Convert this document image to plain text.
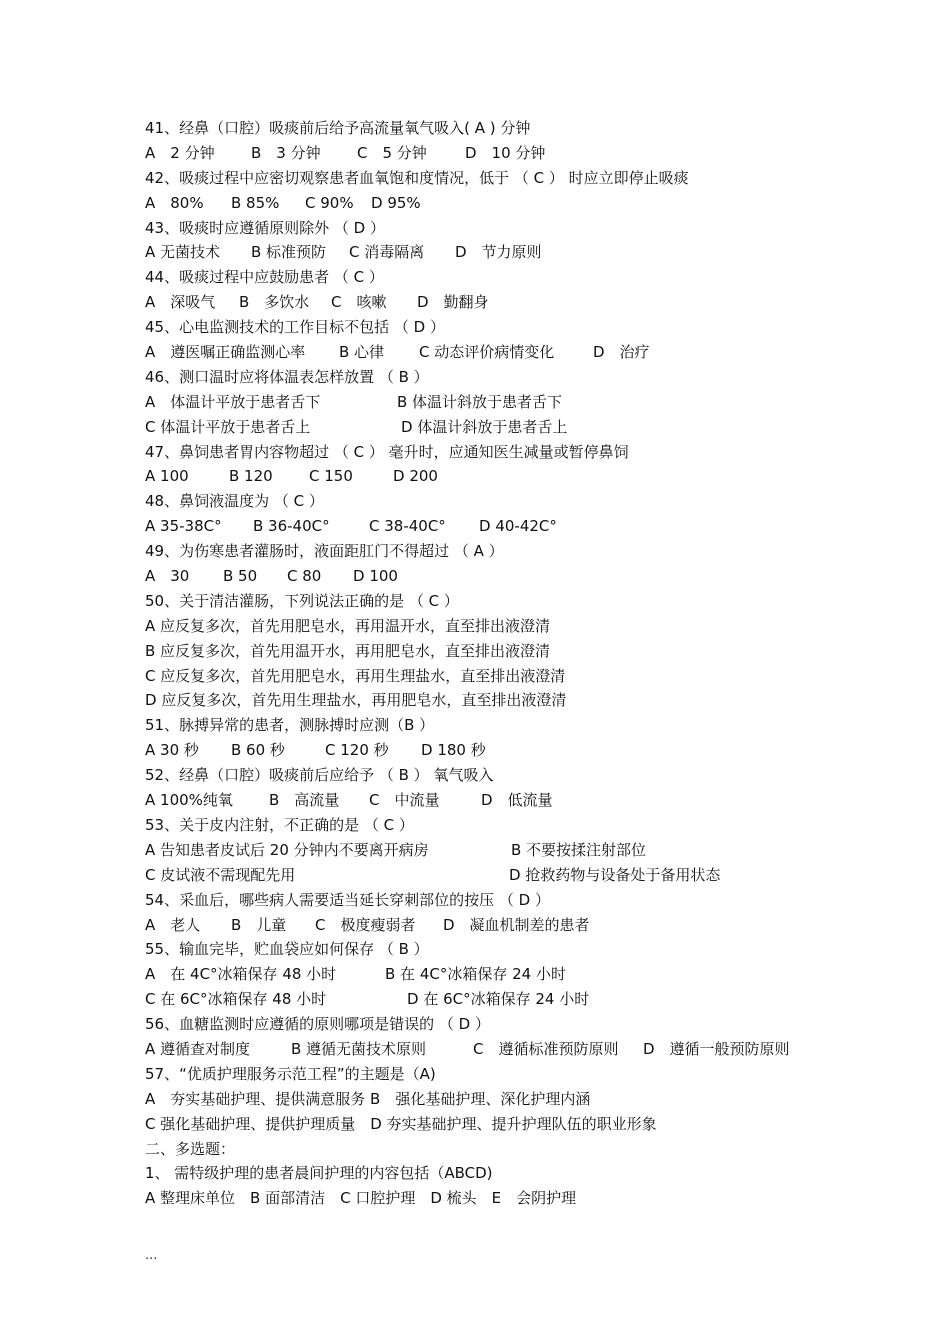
41、经鼻（口腔）吸痰前后给予高流量氧气吸入( A ) 分钟
A　2 分钟 B　3 分钟 C　5 分钟	D　10 分钟
42、吸痰过程中应密切观察患者血氧饱和度情况，低于 （ C ） 时应立即停止吸痰
A　80% B 85% C 90% D 95%
43、吸痰时应遵循原则除外 （ D ）
A 无菌技术 B 标准预防 C 消毒隔离 D　节力原则
44、吸痰过程中应鼓励患者 （ C ）
A　深吸气 B　多饮水 C　咳嗽 D　勤翻身
45、心电监测技术的工作目标不包括 （ D ）
A　遵医嘱正确监测心率 B 心律 C 动态评价病情变化	D　治疗
46、测口温时应将体温表怎样放置 （ B ）
A　体温计平放于患者舌下	B 体温计斜放于患者舌下
C 体温计平放于患者舌上	D 体温计斜放于患者舌上
47、鼻饲患者胃内容物超过 （ C ） 毫升时，应通知医生减量或暂停鼻饲
A 100	B 120 C 150	D 200
48、鼻饲液温度为 （ C ）
A 35-38C° B 36-40C°	C 38-40C° D 40-42C°
49、为伤寒患者灌肠时，液面距肛门不得超过 （ A ）
A　30 B 50 C 80 D 100
50、关于清洁灌肠，下列说法正确的是 （ C ）
A 应反复多次，首先用肥皂水，再用温开水，直至排出液澄清
B 应反复多次，首先用温开水，再用肥皂水，直至排出液澄清
C 应反复多次，首先用肥皂水，再用生理盐水，直至排出液澄清
D 应反复多次，首先用生理盐水，再用肥皂水，直至排出液澄清
51、脉搏异常的患者，测脉搏时应测（B ）
A 30 秒 B 60 秒	C 120 秒 D 180 秒
52、经鼻（口腔）吸痰前后应给予 （ B ） 氧气吸入
A 100%纯氧 B　高流量 C　中流量	D　低流量
53、关于皮内注射，不正确的是 （ C ）
A 告知患者皮试后 20 分钟内不要离开病房	B 不要按揉注射部位
C 皮试液不需现配先用	D 抢救药物与设备处于备用状态
54、采血后，哪些病人需要适当延长穿刺部位的按压 （ D ）
A　老人 B　儿童 C　极度瘦弱者 D　凝血机制差的患者
55、输血完毕，贮血袋应如何保存 （ B ）
A　在 4C°冰箱保存 48 小时	B 在 4C°冰箱保存 24 小时
C 在 6C°冰箱保存 48 小时	D 在 6C°冰箱保存 24 小时
56、血糖监测时应遵循的原则哪项是错误的 （ D ）
A 遵循查对制度	B 遵循无菌技术原则	C　遵循标准预防原则 D　遵循一般预防原则
57、“优质护理服务示范工程”的主题是（A)
A　夯实基础护理、提供满意服务 B　强化基础护理、深化护理内涵
C 强化基础护理、提供护理质量　D 夯实基础护理、提升护理队伍的职业形象
二、多选题：
1、 需特级护理的患者晨间护理的内容包括（ABCD)
A 整理床单位　B 面部清洁　C 口腔护理　D 梳头　E　会阴护理
...
